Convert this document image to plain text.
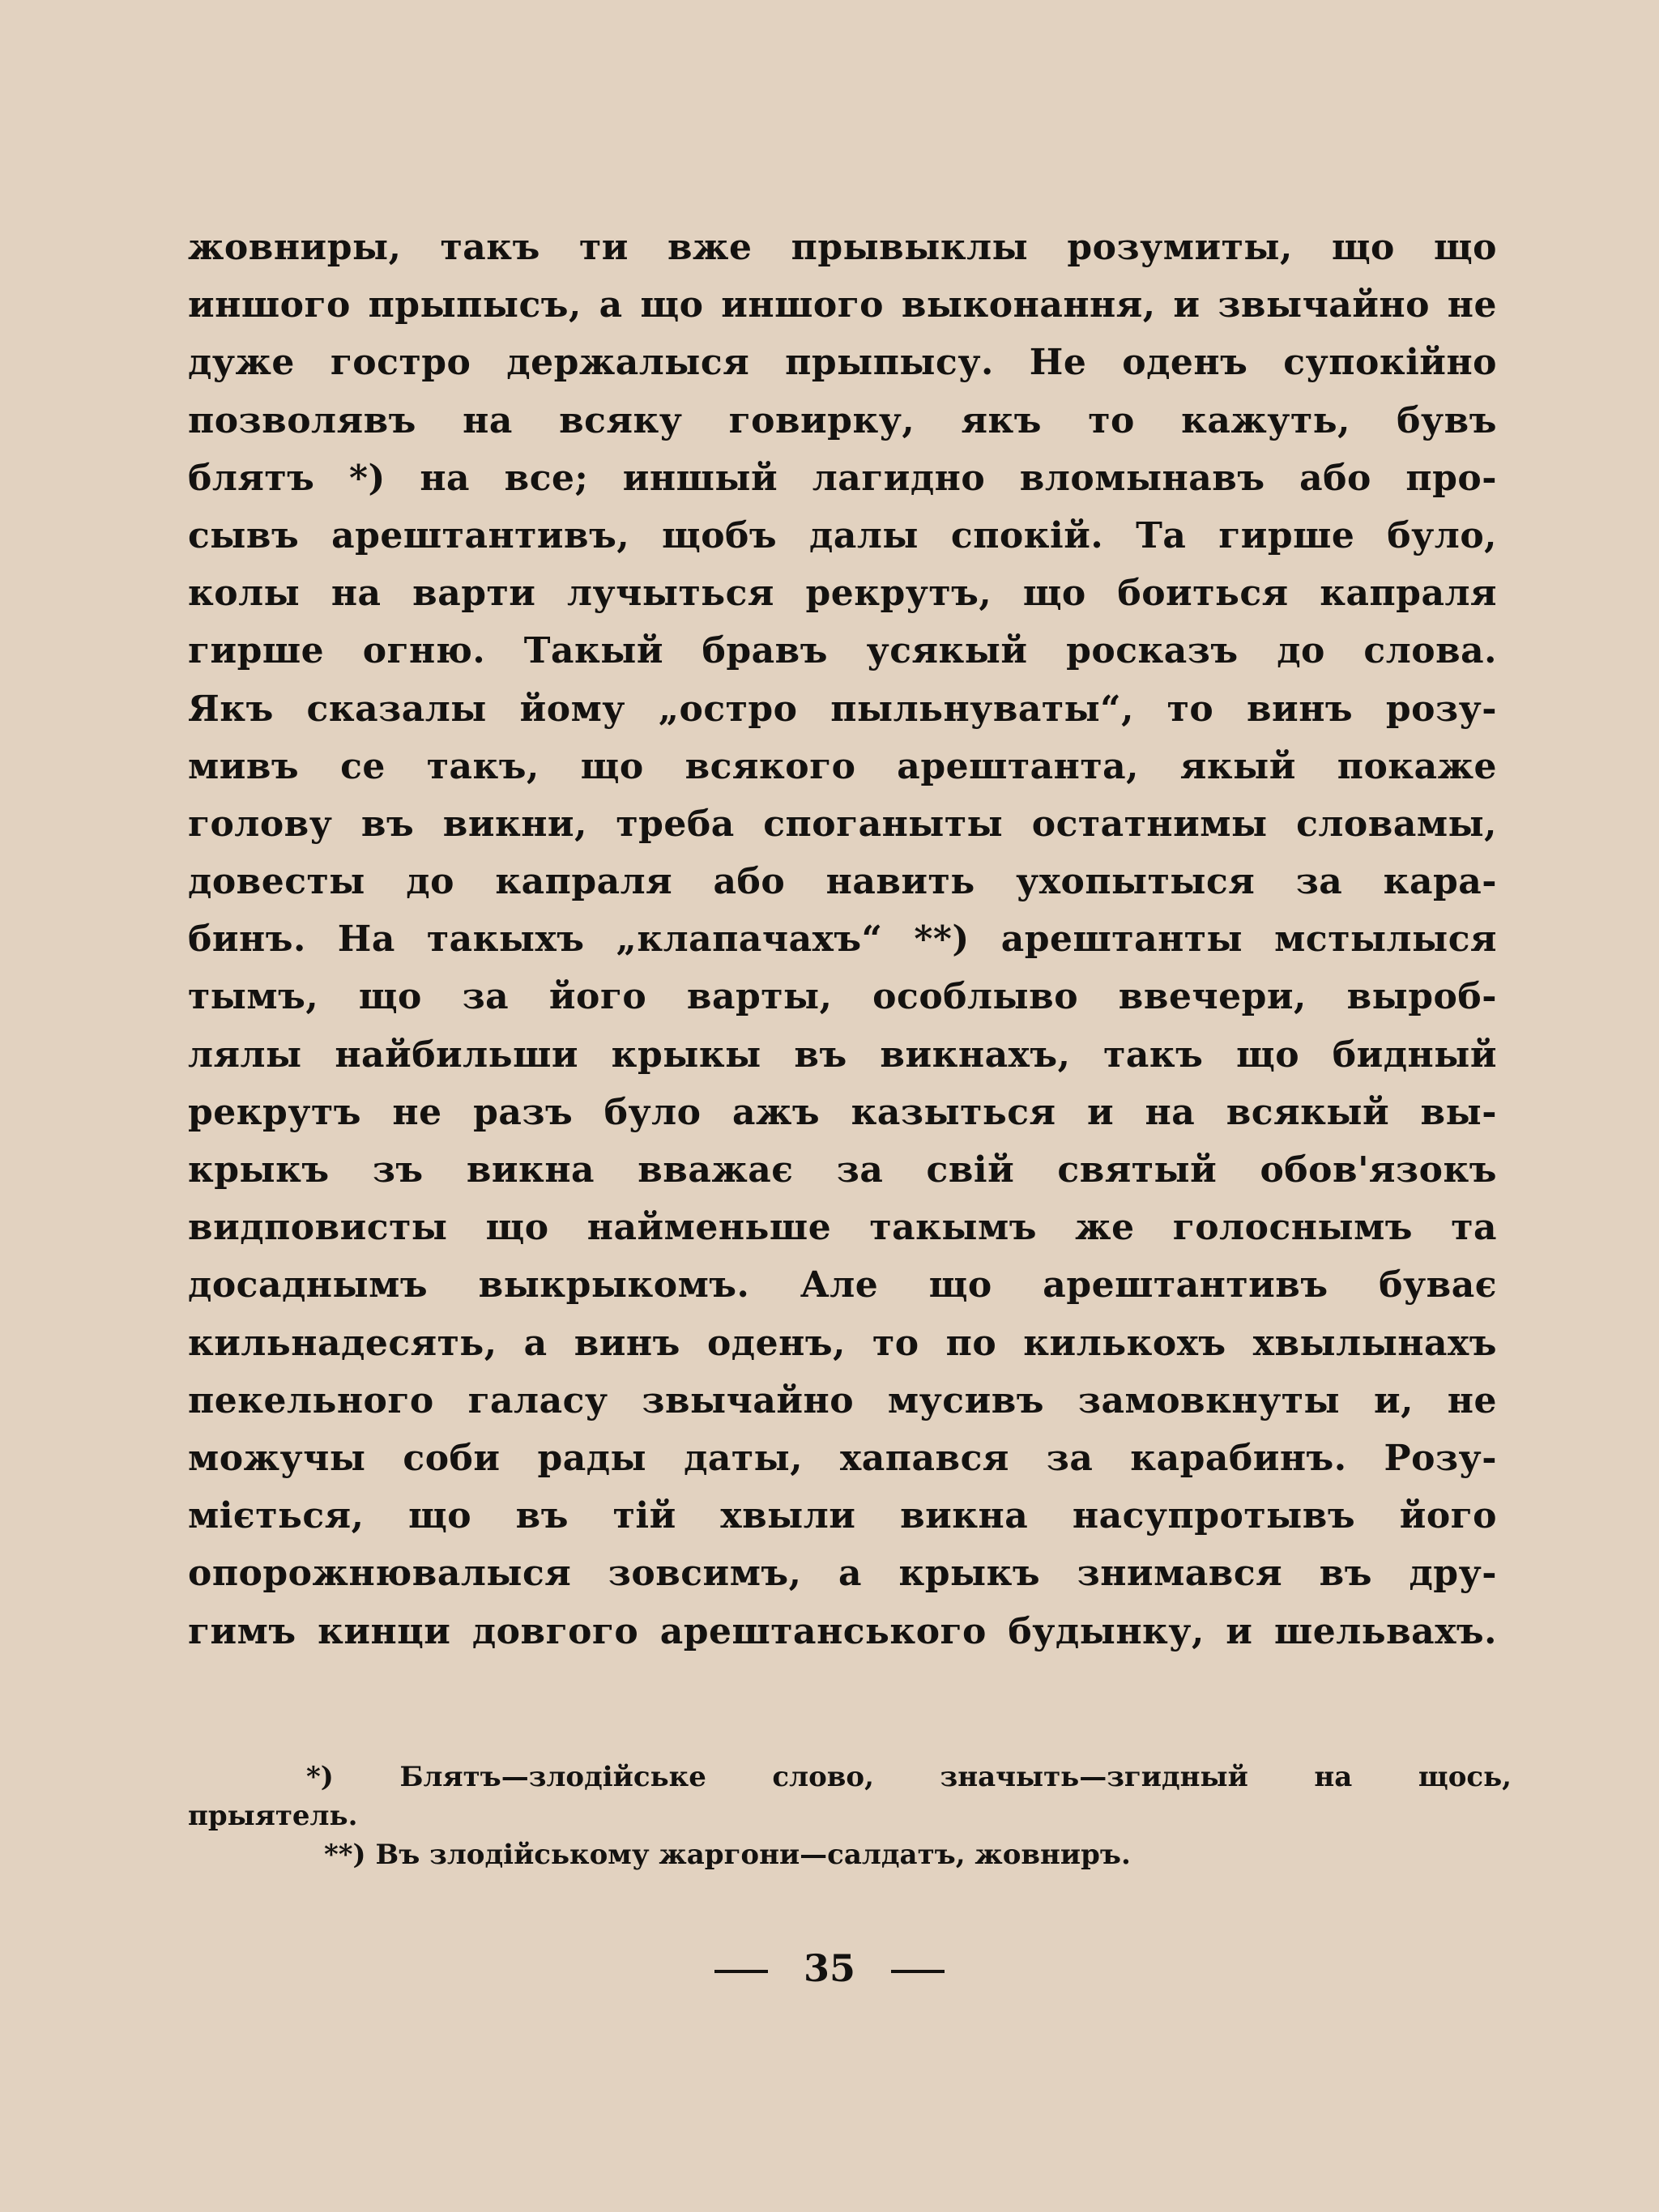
жовниры, такъ ти вже прывыклы розумиты, що що
иншого прыпысъ, а що иншого выконання, и звычайно не
дуже гостро держалыся прыпысу. Не оденъ супокійно
позволявъ на всяку говирку, якъ то кажуть, бувъ
блятъ *) на все; иншый лагидно вломынавъ або про-
сывъ арештантивъ, щобъ далы спокій. Та гирше було,
колы на варти лучыться рекрутъ, що боиться капраля
гирше огню. Такый бравъ усякый росказъ до слова.
Якъ сказалы йому „остро пыльнуваты“, то винъ розу-
мивъ се такъ, що всякого арештанта, якый покаже
голову въ викни, треба споганыты остатнимы словамы,
довесты до капраля або навить ухопытыся за кара-
бинъ. На такыхъ „клапачахъ“ **) арештанты мстылыся
тымъ, що за його варты, особлыво ввечери, выроб-
лялы найбильши крыкы въ викнахъ, такъ що бидный
рекрутъ не разъ було ажъ казыться и на всякый вы-
крыкъ зъ викна вважає за свій святый обов'язокъ
видповисты що найменьше такымъ же голоснымъ та
досаднымъ выкрыкомъ. Але що арештантивъ буває
кильнадесять, а винъ оденъ, то по килькохъ хвылынахъ
пекельного галасу звычайно мусивъ замовкнуты и, не
можучы соби рады даты, хапався за карабинъ. Розу-
міється, що въ тій хвыли викна насупротывъ його
опорожнювалыся зовсимъ, а крыкъ знимався въ дру-
гимъ кинци довгого арештанського будынку, и шельвахъ.
*) Блятъ—злодійське слово, значыть—згидный на щось,
прыятель.
**) Въ злодійському жаргони—салдатъ, жовниръ.
35
